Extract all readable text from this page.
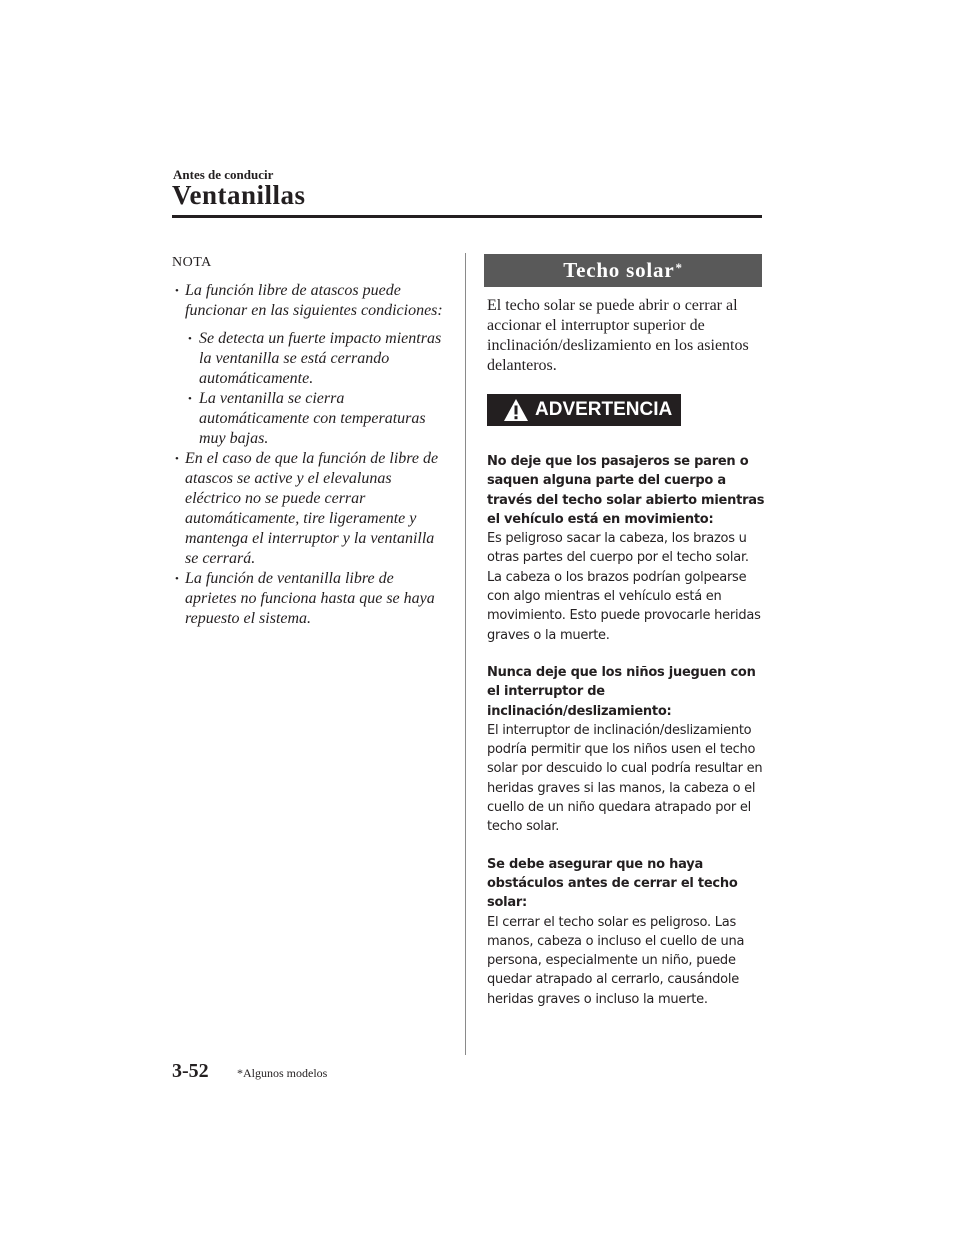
Antes de conducir
Ventanillas
NOTA
• La función libre de atascos puede funcionar en las siguientes condiciones:
• Se detecta un fuerte impacto mientras la ventanilla se está cerrando automáticamente.
• La ventanilla se cierra automáticamente con temperaturas muy bajas.
• En el caso de que la función de libre de atascos se active y el elevalunas eléctrico no se puede cerrar automáticamente, tire ligeramente y mantenga el interruptor y la ventanilla se cerrará.
• La función de ventanilla libre de aprietes no funciona hasta que se haya repuesto el sistema.
Techo solar*
El techo solar se puede abrir o cerrar al accionar el interruptor superior de inclinación/deslizamiento en los asientos delanteros.
ADVERTENCIA
No deje que los pasajeros se paren o saquen alguna parte del cuerpo a través del techo solar abierto mientras el vehículo está en movimiento:
Es peligroso sacar la cabeza, los brazos u otras partes del cuerpo por el techo solar. La cabeza o los brazos podrían golpearse con algo mientras el vehículo está en movimiento. Esto puede provocarle heridas graves o la muerte.
Nunca deje que los niños jueguen con el interruptor de inclinación/deslizamiento:
El interruptor de inclinación/deslizamiento podría permitir que los niños usen el techo solar por descuido lo cual podría resultar en heridas graves si las manos, la cabeza o el cuello de un niño quedara atrapado por el techo solar.
Se debe asegurar que no haya obstáculos antes de cerrar el techo solar:
El cerrar el techo solar es peligroso. Las manos, cabeza o incluso el cuello de una persona, especialmente un niño, puede quedar atrapado al cerrarlo, causándole heridas graves o incluso la muerte.
3-52 *Algunos modelos
